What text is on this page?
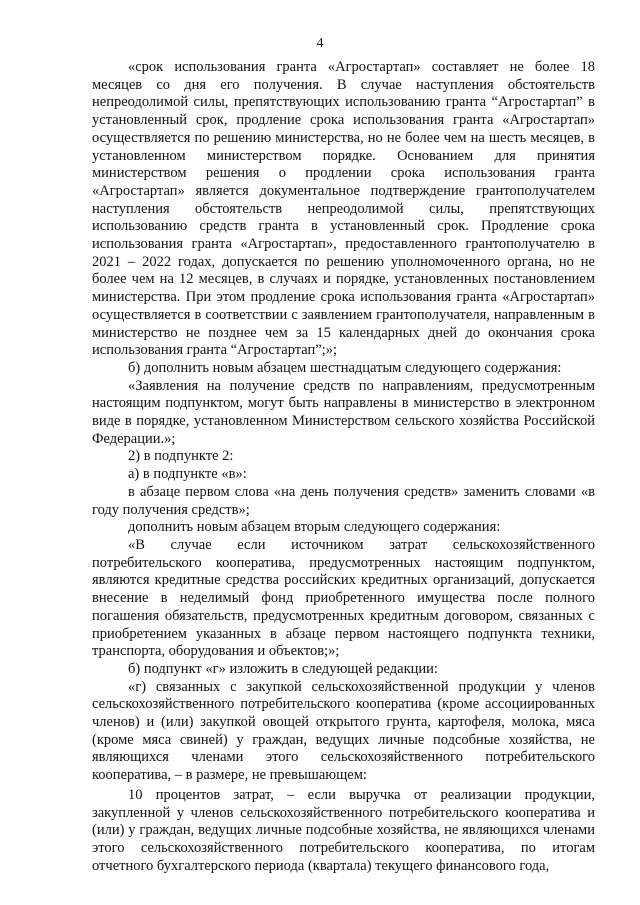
4

«срок использования гранта «Агростартап» составляет не более 18 месяцев со дня его получения. В случае наступления обстоятельств непреодолимой силы, препятствующих использованию гранта “Агростартап” в установленный срок, продление срока использования гранта «Агростартап» осуществляется по решению министерства, но не более чем на шесть месяцев, в установленном министерством порядке. Основанием для принятия министерством решения о продлении срока использования гранта «Агростартап» является документальное подтверждение грантополучателем наступления обстоятельств непреодолимой силы, препятствующих использованию средств гранта в установленный срок. Продление срока использования гранта «Агростартап», предоставленного грантополучателю в 2021 – 2022 годах, допускается по решению уполномоченного органа, но не более чем на 12 месяцев, в случаях и порядке, установленных постановлением министерства. При этом продление срока использования гранта «Агростартап» осуществляется в соответствии с заявлением грантополучателя, направленным в министерство не позднее чем за 15 календарных дней до окончания срока использования гранта “Агростартап”;»;

б) дополнить новым абзацем шестнадцатым следующего содержания:

«Заявления на получение средств по направлениям, предусмотренным настоящим подпунктом, могут быть направлены в министерство в электронном виде в порядке, установленном Министерством сельского хозяйства Российской Федерации.»;

2) в подпункте 2:

а) в подпункте «в»:

в абзаце первом слова «на день получения средств» заменить словами «в году получения средств»;

дополнить новым абзацем вторым следующего содержания:

«В случае если источником затрат сельскохозяйственного потребительского кооператива, предусмотренных настоящим подпунктом, являются кредитные средства российских кредитных организаций, допускается внесение в неделимый фонд приобретенного имущества после полного погашения обязательств, предусмотренных кредитным договором, связанных с приобретением указанных в абзаце первом настоящего подпункта техники, транспорта, оборудования и объектов;»;

б) подпункт «г» изложить в следующей редакции:

«г) связанных с закупкой сельскохозяйственной продукции у членов сельскохозяйственного потребительского кооператива (кроме ассоциированных членов) и (или) закупкой овощей открытого грунта, картофеля, молока, мяса (кроме мяса свиней) у граждан, ведущих личные подсобные хозяйства, не являющихся членами этого сельскохозяйственного потребительского кооператива, – в размере, не превышающем:

10 процентов затрат, – если выручка от реализации продукции, закупленной у членов сельскохозяйственного потребительского кооператива и (или) у граждан, ведущих личные подсобные хозяйства, не являющихся членами этого сельскохозяйственного потребительского кооператива, по итогам отчетного бухгалтерского периода (квартала) текущего финансового года,
